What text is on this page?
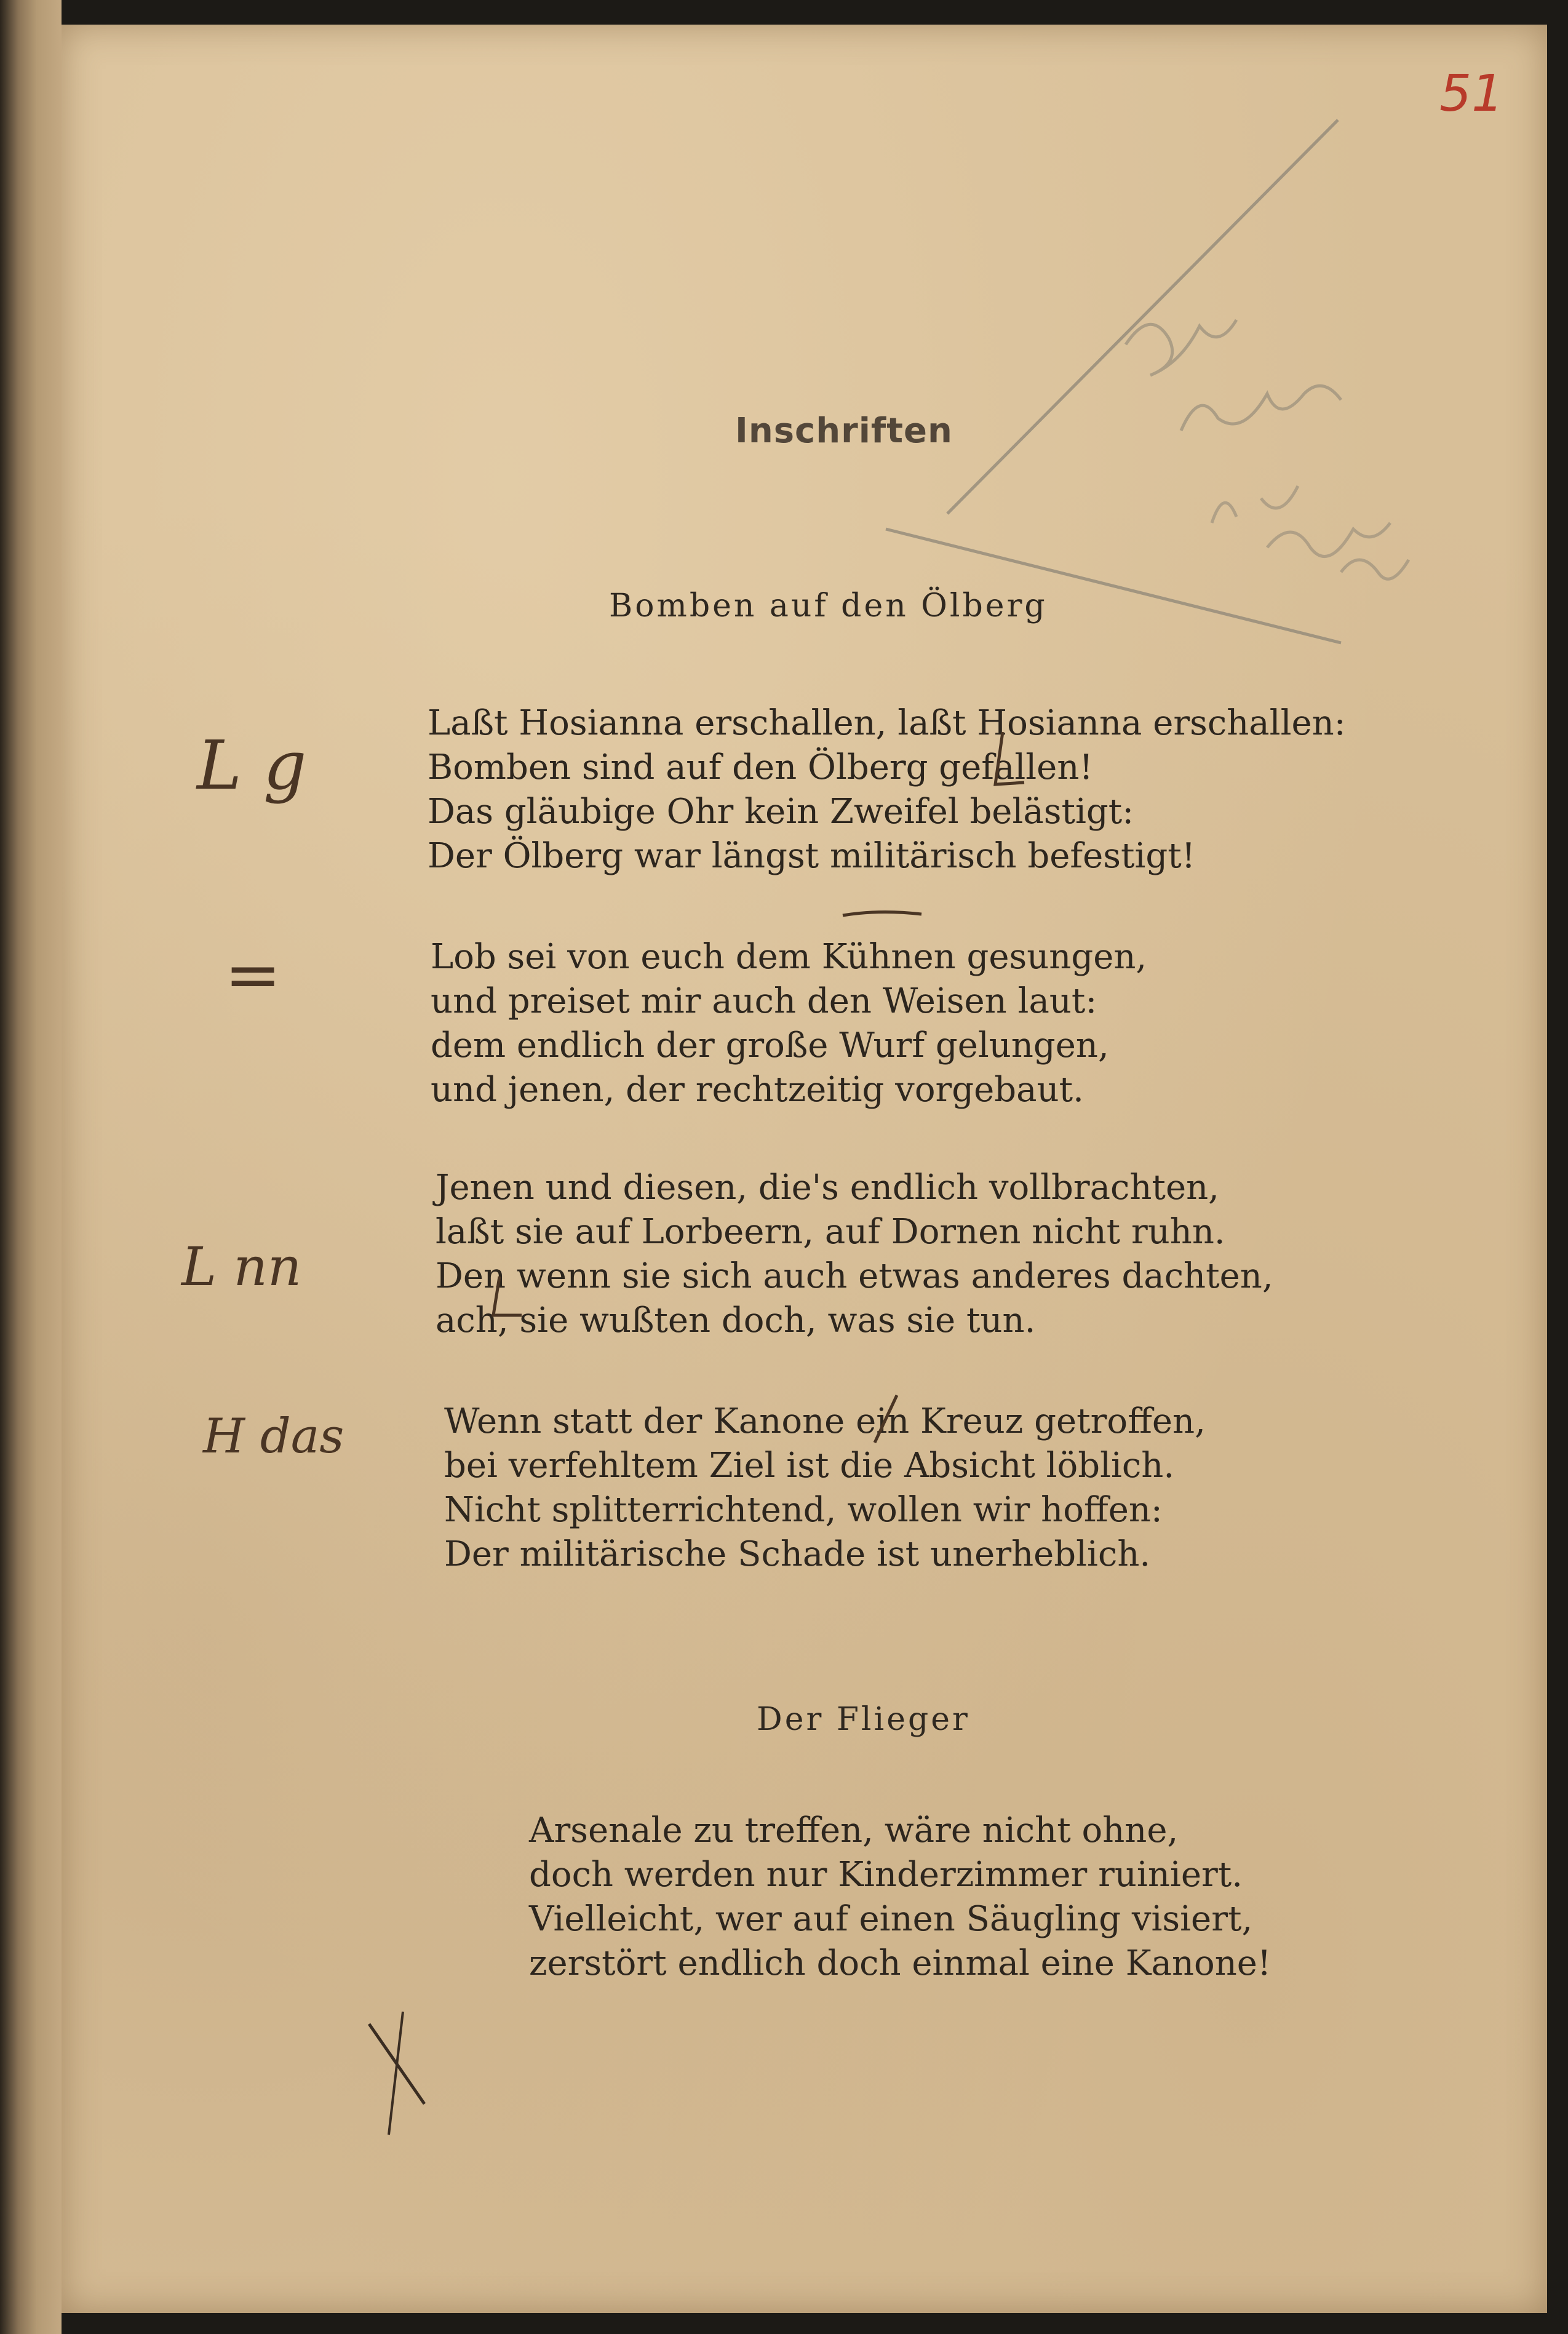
51
Inschriften
Bomben auf den Ölberg
Laßt Hosianna erschallen, laßt Hosianna erschallen:
Bomben sind auf den Ölberg gefallen!
Das gläubige Ohr kein Zweifel belästigt:
Der Ölberg war längst militärisch befestigt!
Lob sei von euch dem Kühnen gesungen,
und preiset mir auch den Weisen laut:
dem endlich der große Wurf gelungen,
und jenen, der rechtzeitig vorgebaut.
Jenen und diesen, die's endlich vollbrachten,
laßt sie auf Lorbeern, auf Dornen nicht ruhn.
Den wenn sie sich auch etwas anderes dachten,
ach, sie wußten doch, was sie tun.
Wenn statt der Kanone ein Kreuz getroffen,
bei verfehltem Ziel ist die Absicht löblich.
Nicht splitterrichtend, wollen wir hoffen:
Der militärische Schade ist unerheblich.
Der Flieger
Arsenale zu treffen, wäre nicht ohne,
doch werden nur Kinderzimmer ruiniert.
Vielleicht, wer auf einen Säugling visiert,
zerstört endlich doch einmal eine Kanone!
L g
=
L nn
H das
